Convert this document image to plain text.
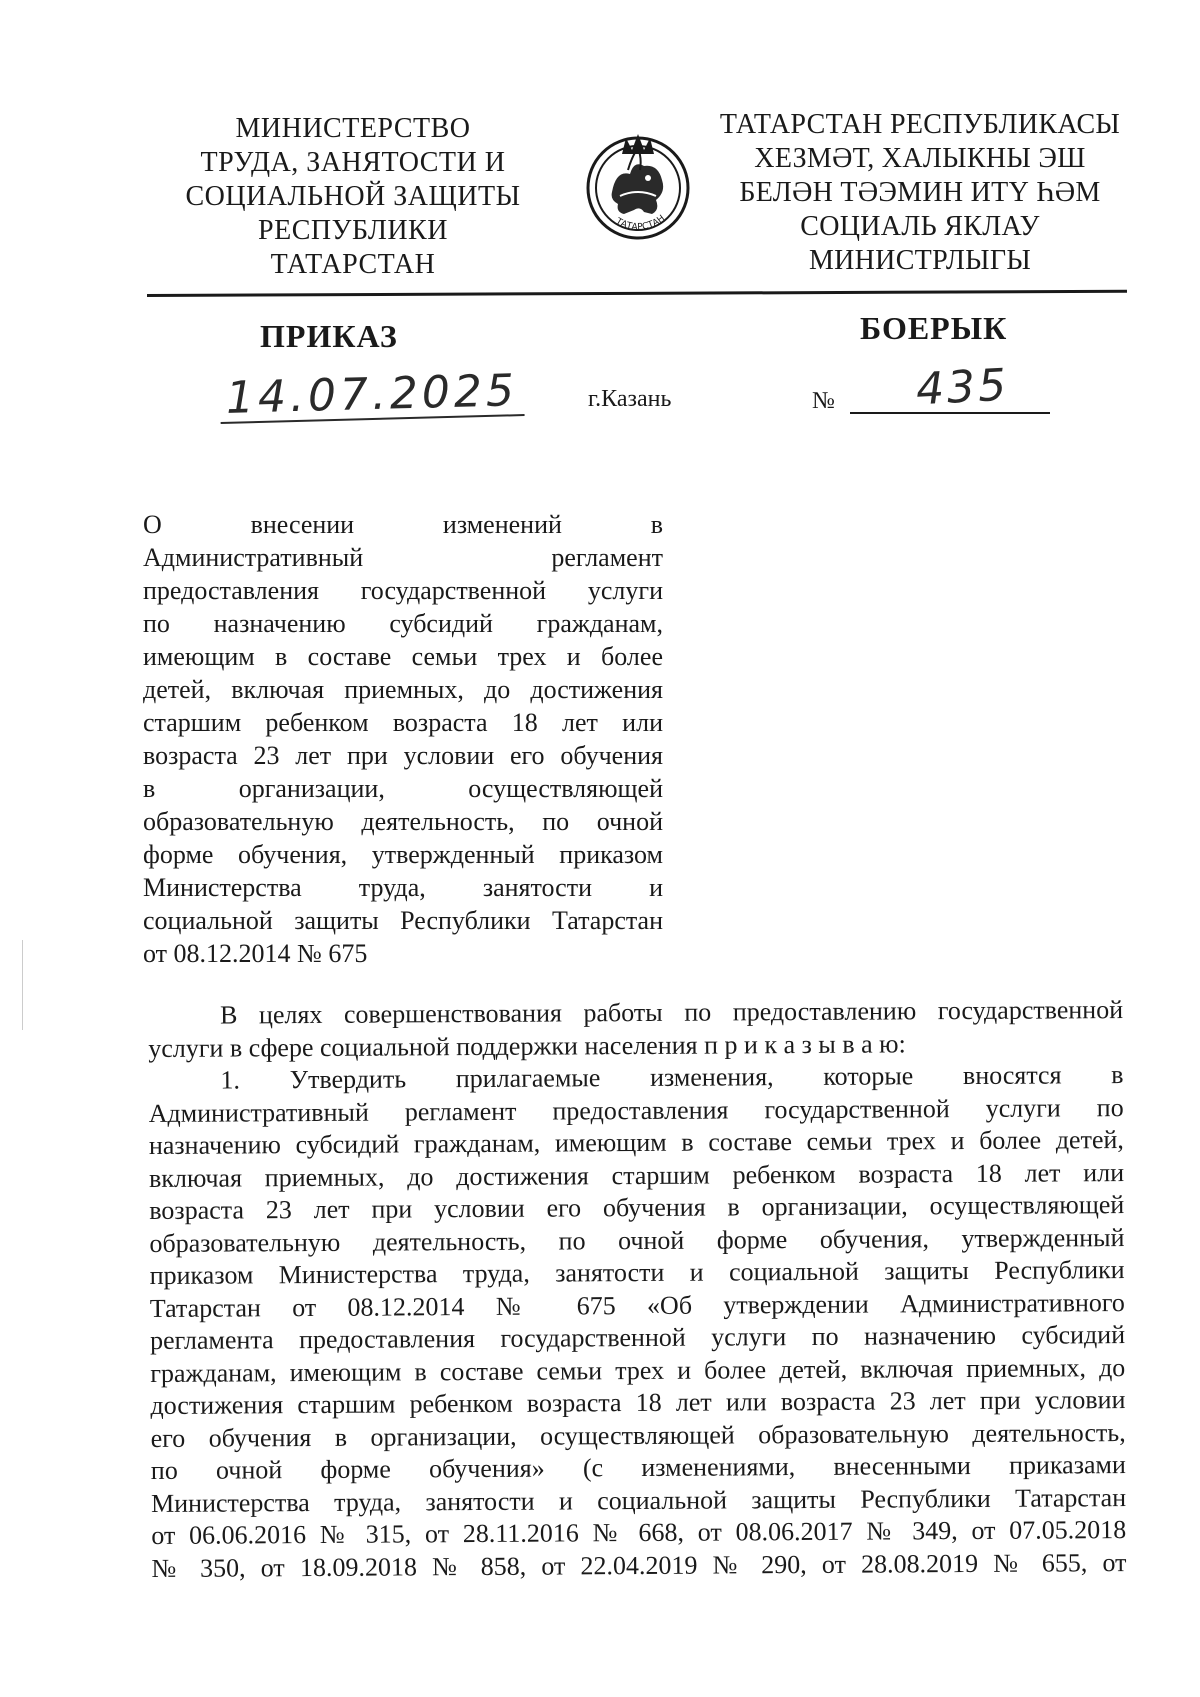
МИНИСТЕРСТВО
ТРУДА, ЗАНЯТОСТИ И
СОЦИАЛЬНОЙ ЗАЩИТЫ
РЕСПУБЛИКИ
ТАТАРСТАН
ТАТАРСТАН
ТАТАРСТАН РЕСПУБЛИКАСЫ
ХЕЗМӘТ, ХАЛЫКНЫ ЭШ
БЕЛӘН ТӘЭМИН ИТҮ ҺӘМ
СОЦИАЛЬ ЯКЛАУ
МИНИСТРЛЫГЫ
ПРИКАЗ	БОЕРЫК
14.07.2025	г.Казань	№ 435
О внесении изменений в
Административный регламент
предоставления государственной услуги
по назначению субсидий гражданам,
имеющим в составе семьи трех и более
детей, включая приемных, до достижения
старшим ребенком возраста 18 лет или
возраста 23 лет при условии его обучения
в организации, осуществляющей
образовательную деятельность, по очной
форме обучения, утвержденный приказом
Министерства труда, занятости и
социальной защиты Республики Татарстан
от 08.12.2014 № 675
В целях совершенствования работы по предоставлению государственной
услуги в сфере социальной поддержки населения п р и к а з ы в а ю:
1. Утвердить прилагаемые изменения, которые вносятся в
Административный регламент предоставления государственной услуги по
назначению субсидий гражданам, имеющим в составе семьи трех и более детей,
включая приемных, до достижения старшим ребенком возраста 18 лет или
возраста 23 лет при условии его обучения в организации, осуществляющей
образовательную деятельность, по очной форме обучения, утвержденный
приказом Министерства труда, занятости и социальной защиты Республики
Татарстан от 08.12.2014 № 675 «Об утверждении Административного
регламента предоставления государственной услуги по назначению субсидий
гражданам, имеющим в составе семьи трех и более детей, включая приемных, до
достижения старшим ребенком возраста 18 лет или возраста 23 лет при условии
его обучения в организации, осуществляющей образовательную деятельность,
по очной форме обучения» (с изменениями, внесенными приказами
Министерства труда, занятости и социальной защиты Республики Татарстан
от 06.06.2016 № 315, от 28.11.2016 № 668, от 08.06.2017 № 349, от 07.05.2018
№ 350, от 18.09.2018 № 858, от 22.04.2019 № 290, от 28.08.2019 № 655, от
